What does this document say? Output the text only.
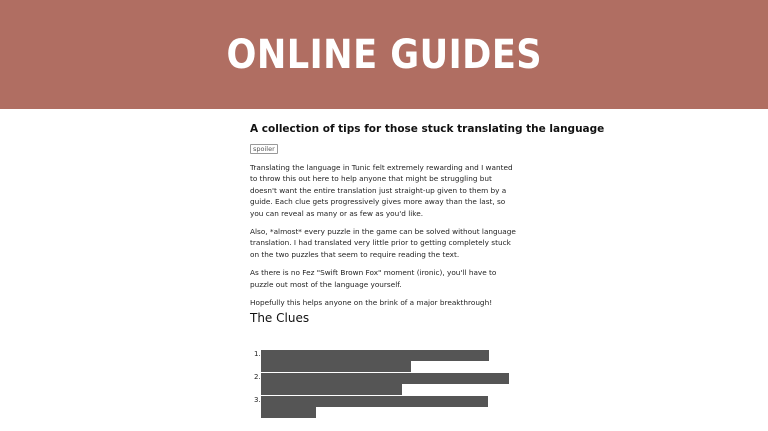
ONLINE GUIDES
A collection of tips for those stuck translating the language
spoiler

Translating the language in Tunic felt extremely rewarding and I wanted to throw this out here to help anyone that might be struggling but doesn't want the entire translation just straight-up given to them by a guide. Each clue gets progressively gives more away than the last, so you can reveal as many or as few as you'd like.

Also, *almost* every puzzle in the game can be solved without language translation. I had translated very little prior to getting completely stuck on the two puzzles that seem to require reading the text.

As there is no Fez "Swift Brown Fox" moment (ironic), you'll have to puzzle out most of the language yourself.

Hopefully this helps anyone on the brink of a major breakthrough!

The Clues
1.
2.
3.
